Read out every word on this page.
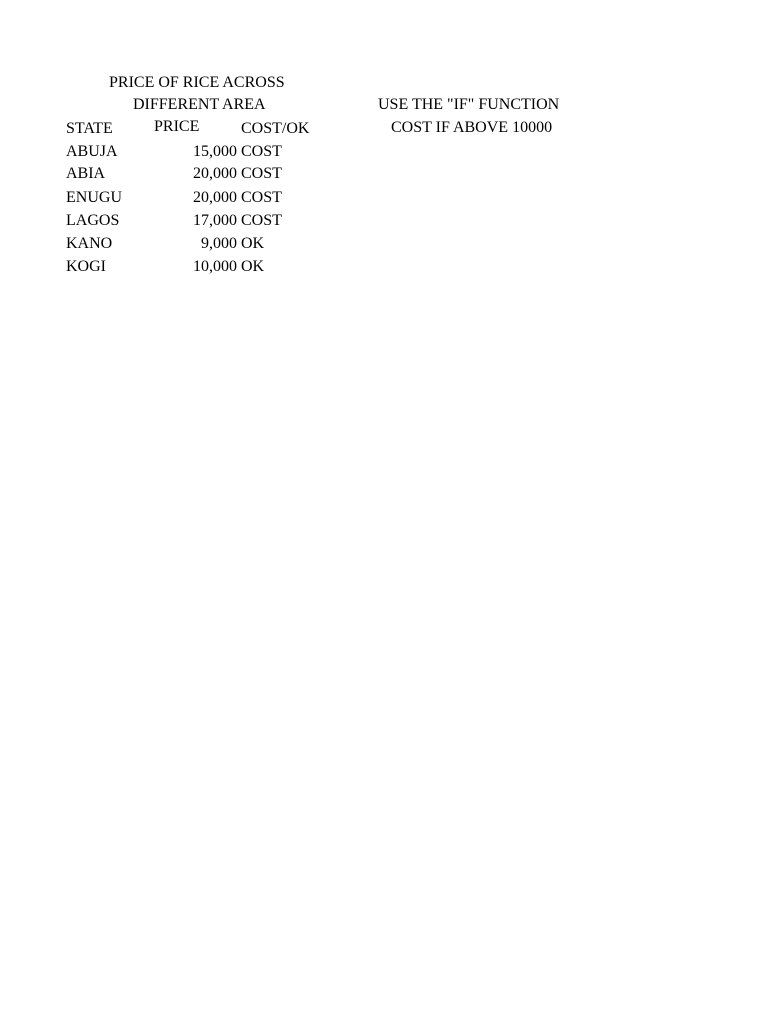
PRICE OF RICE ACROSS
DIFFERENT AREA	USE THE "IF" FUNCTION
COST IF ABOVE 10000
STATE	PRICE	COST/OK
ABUJA	15,000 COST
ABIA	20,000 COST
ENUGU	20,000 COST
LAGOS	17,000 COST
KANO	9,000 OK
KOGI	10,000 OK
